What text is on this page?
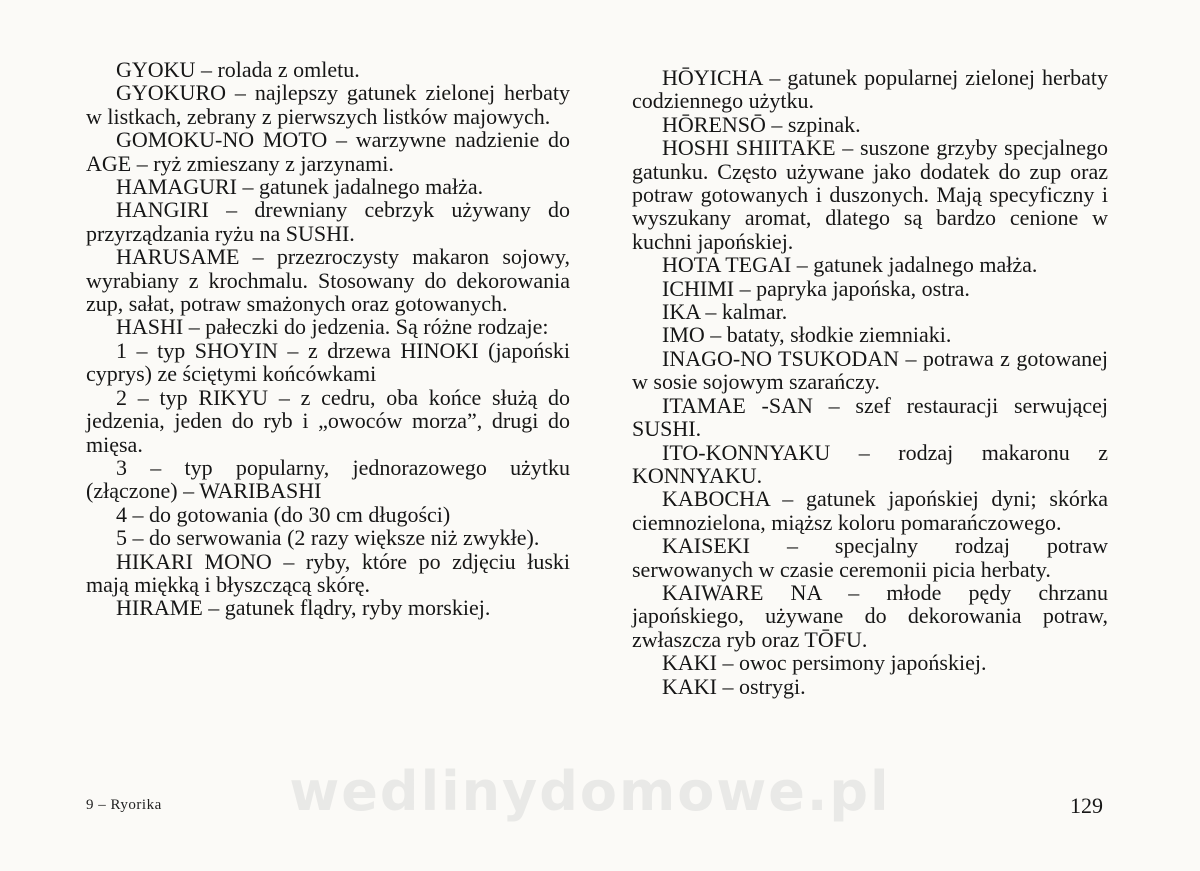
GYOKU – rolada z omletu.

GYOKURO – najlepszy gatunek zielonej herbaty w listkach, zebrany z pierwszych listków majowych.

GOMOKU-NO MOTO – warzywne nadzienie do AGE – ryż zmieszany z jarzynami.

HAMAGURI – gatunek jadalnego małża.

HANGIRI – drewniany cebrzyk używany do przyrządzania ryżu na SUSHI.

HARUSAME – przezroczysty makaron sojowy, wyrabiany z krochmalu. Stosowany do dekorowania zup, sałat, potraw smażonych oraz gotowanych.

HASHI – pałeczki do jedzenia. Są różne rodzaje:

1 – typ SHOYIN – z drzewa HINOKI (japoński cyprys) ze ściętymi końcówkami

2 – typ RIKYU – z cedru, oba końce służą do jedzenia, jeden do ryb i „owoców morza”, drugi do mięsa.

3 – typ popularny, jednorazowego użytku (złączone) – WARIBASHI

4 – do gotowania (do 30 cm długości)

5 – do serwowania (2 razy większe niż zwykłe).

HIKARI MONO – ryby, które po zdjęciu łuski mają miękką i błyszczącą skórę.

HIRAME – gatunek flądry, ryby morskiej.

HŌYICHA – gatunek popularnej zielonej herbaty codziennego użytku.

HŌRENSŌ – szpinak.

HOSHI SHIITAKE – suszone grzyby specjalnego gatunku. Często używane jako dodatek do zup oraz potraw gotowanych i duszonych. Mają specyficzny i wyszukany aromat, dlatego są bardzo cenione w kuchni japońskiej.

HOTA TEGAI – gatunek jadalnego małża.

ICHIMI – papryka japońska, ostra.

IKA – kalmar.

IMO – bataty, słodkie ziemniaki.

INAGO-NO TSUKODAN – potrawa z gotowanej w sosie sojowym szarańczy.

ITAMAE -SAN – szef restauracji serwującej SUSHI.

ITO-KONNYAKU – rodzaj makaronu z KONNYAKU.

KABOCHA – gatunek japońskiej dyni; skórka ciemnozielona, miąższ koloru pomarańczowego.

KAISEKI – specjalny rodzaj potraw serwowanych w czasie ceremonii picia herbaty.

KAIWARE NA – młode pędy chrzanu japońskiego, używane do dekorowania potraw, zwłaszcza ryb oraz TŌFU.

KAKI – owoc persimony japońskiej.

KAKI – ostrygi.

wedlinydomowe.pl
9 – Ryorika	129
